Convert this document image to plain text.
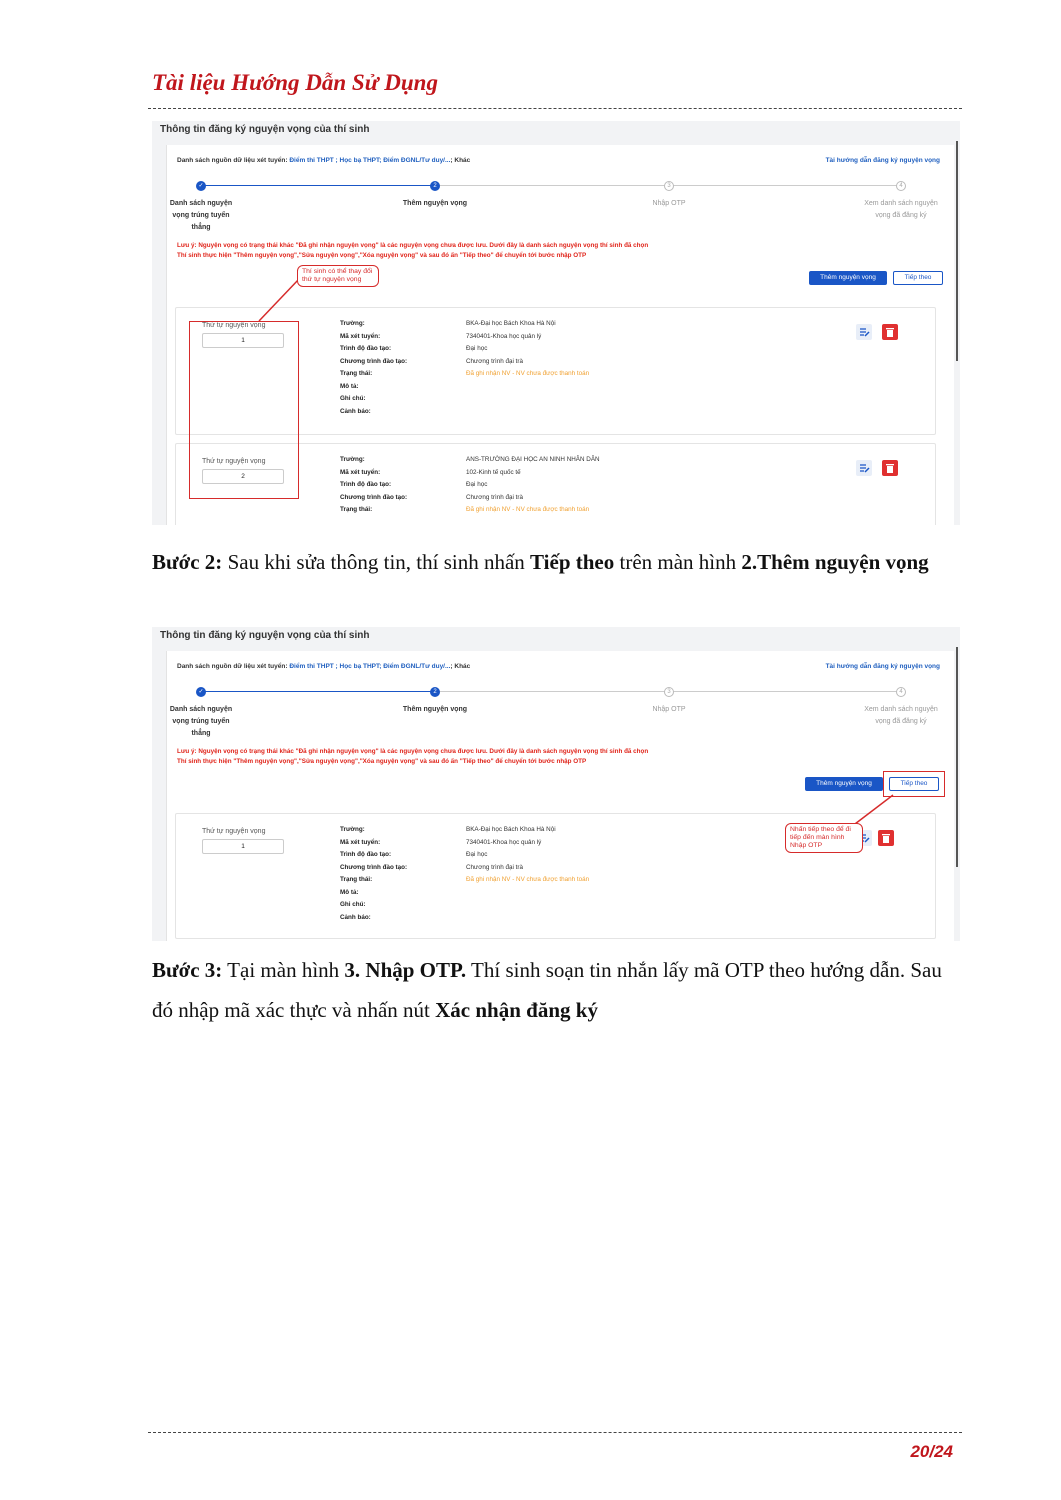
Tài liệu Hướng Dẫn Sử Dụng
Thông tin đăng ký nguyện vọng của thí sinh
Danh sách nguồn dữ liệu xét tuyển: Điểm thi THPT ; Học bạ THPT; Điểm ĐGNL/Tư duy/...; Khác	Tài hướng dẫn đăng ký nguyện vọng
✓	2	3	4
Danh sách nguyện vọng trúng tuyển thẳng
Thêm nguyện vọng	Nhập OTP	Xem danh sách nguyện vọng đã đăng ký
Lưu ý: Nguyện vọng có trạng thái khác "Đã ghi nhận nguyện vọng" là các nguyện vọng chưa được lưu. Dưới đây là danh sách nguyện vọng thí sinh đã chọn
Thí sinh thực hiện "Thêm nguyện vọng","Sửa nguyện vọng","Xóa nguyện vọng" và sau đó ấn "Tiếp theo" để chuyển tới bước nhập OTP
Thêm nguyện vọng	Tiếp theo
Thứ tự nguyện vọng
1
Trường:	BKA-Đại học Bách Khoa Hà Nội
Mã xét tuyển:	7340401-Khoa học quản lý
Trình độ đào tạo:	Đại học
Chương trình đào tạo:	Chương trình đại trà
Trạng thái:	Đã ghi nhận NV - NV chưa được thanh toán
Mô tả:
Ghi chú:
Cảnh báo:
Thứ tự nguyện vọng
2
Trường:	ANS-TRƯỜNG ĐẠI HỌC AN NINH NHÂN DÂN
Mã xét tuyển:	102-Kinh tế quốc tế
Trình độ đào tạo:	Đại học
Chương trình đào tạo:	Chương trình đại trà
Trạng thái:	Đã ghi nhận NV - NV chưa được thanh toán
Thí sinh có thể thay đổi thứ tự nguyện vọng
Bước 2: Sau khi sửa thông tin, thí sinh nhấn Tiếp theo trên màn hình 2.Thêm nguyện vọng
Thông tin đăng ký nguyện vọng của thí sinh
Danh sách nguồn dữ liệu xét tuyển: Điểm thi THPT ; Học bạ THPT; Điểm ĐGNL/Tư duy/...; Khác	Tài hướng dẫn đăng ký nguyện vọng
✓	2	3	4
Danh sách nguyện vọng trúng tuyển thẳng
Thêm nguyện vọng	Nhập OTP	Xem danh sách nguyện vọng đã đăng ký
Lưu ý: Nguyện vọng có trạng thái khác "Đã ghi nhận nguyện vọng" là các nguyện vọng chưa được lưu. Dưới đây là danh sách nguyện vọng thí sinh đã chọn
Thí sinh thực hiện "Thêm nguyện vọng","Sửa nguyện vọng","Xóa nguyện vọng" và sau đó ấn "Tiếp theo" để chuyển tới bước nhập OTP
Thêm nguyện vọng	Tiếp theo
Thứ tự nguyện vọng
1
Trường:	BKA-Đại học Bách Khoa Hà Nội
Mã xét tuyển:	7340401-Khoa học quản lý
Trình độ đào tạo:	Đại học
Chương trình đào tạo:	Chương trình đại trà
Trạng thái:	Đã ghi nhận NV - NV chưa được thanh toán
Mô tả:
Ghi chú:
Cảnh báo:
Nhấn tiếp theo để đi tiếp đến màn hình Nhập OTP
Bước 3: Tại màn hình 3. Nhập OTP. Thí sinh soạn tin nhắn lấy mã OTP theo hướng dẫn. Sau đó nhập mã xác thực và nhấn nút Xác nhận đăng ký
20/24
